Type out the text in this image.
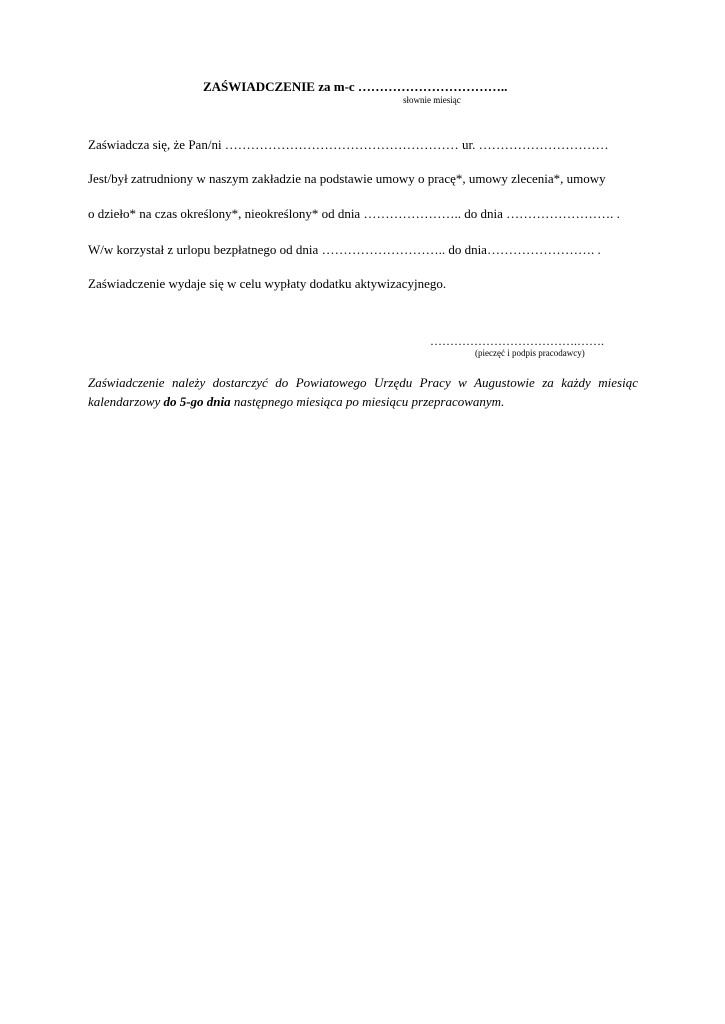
ZAŚWIADCZENIE za m-c ……………………………..
słownie miesiąc
Zaświadcza się, że Pan/ni ……………………………………………… ur. …………………………
Jest/był zatrudniony w naszym zakładzie na podstawie umowy o pracę*, umowy zlecenia*, umowy
o dzieło* na czas określony*, nieokreślony* od dnia ………………….. do dnia ……………………. .
W/w korzystał z urlopu bezpłatnego od dnia ……………………….. do dnia……………………. .
Zaświadczenie wydaje się w celu wypłaty dodatku aktywizacyjnego.
……………………………….…….
(pieczęć i podpis pracodawcy)
Zaświadczenie należy dostarczyć do Powiatowego Urzędu Pracy w Augustowie za każdy miesiąc kalendarzowy do 5-go dnia następnego miesiąca po miesiącu przepracowanym.
